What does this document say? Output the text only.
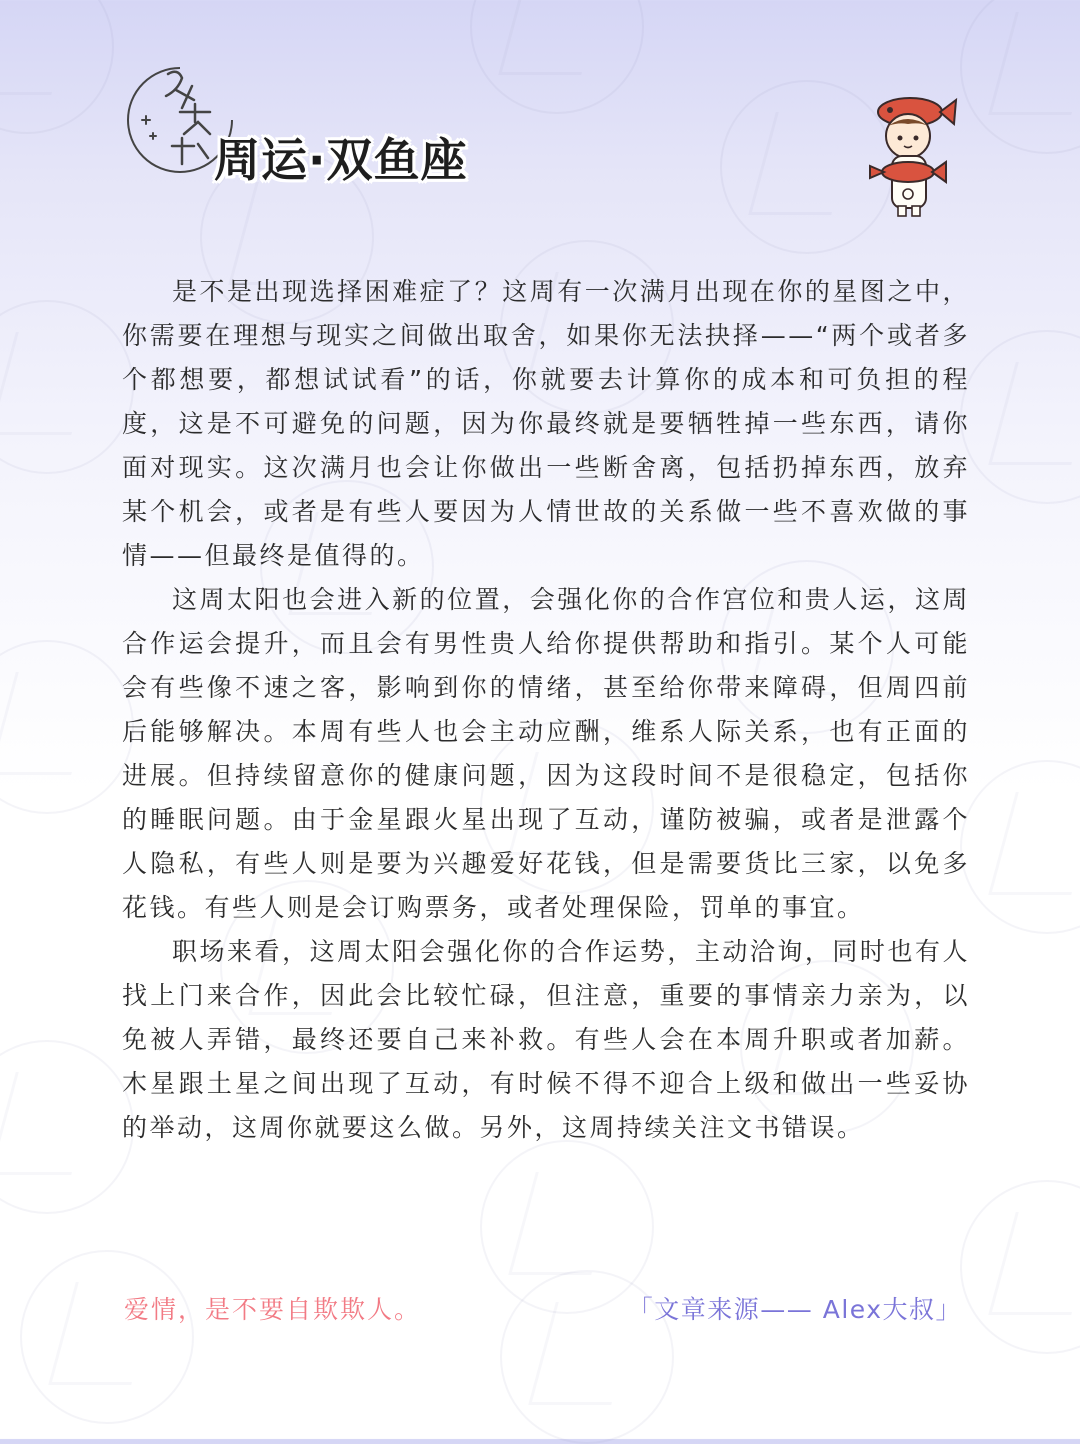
周运·双鱼座

是不是出现选择困难症了？这周有一次满月出现在你的星图之中，你需要在理想与现实之间做出取舍，如果你无法抉择——“两个或者多个都想要，都想试试看”的话，你就要去计算你的成本和可负担的程度，这是不可避免的问题，因为你最终就是要牺牲掉一些东西，请你面对现实。这次满月也会让你做出一些断舍离，包括扔掉东西，放弃某个机会，或者是有些人要因为人情世故的关系做一些不喜欢做的事情——但最终是值得的。

这周太阳也会进入新的位置，会强化你的合作宫位和贵人运，这周合作运会提升，而且会有男性贵人给你提供帮助和指引。某个人可能会有些像不速之客，影响到你的情绪，甚至给你带来障碍，但周四前后能够解决。本周有些人也会主动应酬，维系人际关系，也有正面的进展。但持续留意你的健康问题，因为这段时间不是很稳定，包括你的睡眠问题。由于金星跟火星出现了互动，谨防被骗，或者是泄露个人隐私，有些人则是要为兴趣爱好花钱，但是需要货比三家，以免多花钱。有些人则是会订购票务，或者处理保险，罚单的事宜。

职场来看，这周太阳会强化你的合作运势，主动洽询，同时也有人找上门来合作，因此会比较忙碌，但注意，重要的事情亲力亲为，以免被人弄错，最终还要自己来补救。有些人会在本周升职或者加薪。木星跟土星之间出现了互动，有时候不得不迎合上级和做出一些妥协的举动，这周你就要这么做。另外，这周持续关注文书错误。

爱情，是不要自欺欺人。	「文章来源—— Alex大叔」
